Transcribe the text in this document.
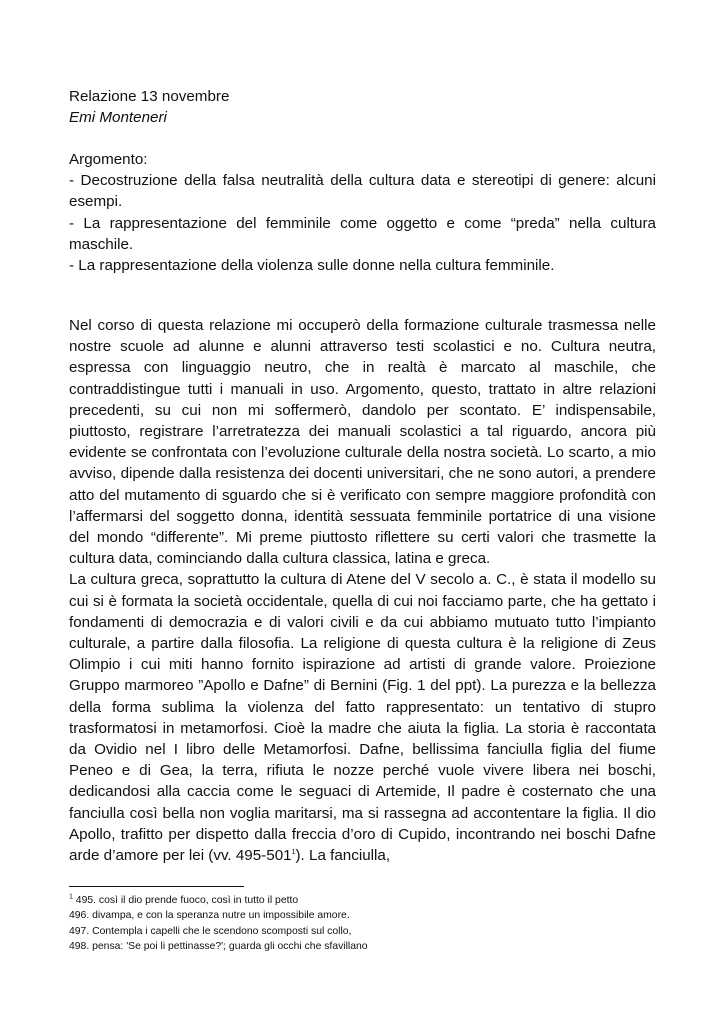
Relazione 13 novembre
Emi Monteneri
Argomento:
- Decostruzione della falsa neutralità della cultura data e stereotipi di genere: alcuni esempi.
- La rappresentazione del femminile come oggetto e come “preda” nella cultura maschile.
- La rappresentazione della violenza sulle donne nella cultura femminile.

Nel corso di questa relazione mi occuperò della formazione culturale trasmessa nelle nostre scuole ad alunne e alunni attraverso testi scolastici e no. Cultura neutra, espressa con linguaggio neutro, che in realtà è marcato al maschile, che contraddistingue tutti i manuali in uso. Argomento, questo, trattato in altre relazioni precedenti, su cui non mi soffermerò, dandolo per scontato. E’ indispensabile, piuttosto, registrare l’arretratezza dei manuali scolastici a tal riguardo, ancora più evidente se confrontata con l’evoluzione culturale della nostra società. Lo scarto, a mio avviso, dipende dalla resistenza dei docenti universitari, che ne sono autori, a prendere atto del mutamento di sguardo che si è verificato con sempre maggiore profondità con l’affermarsi del soggetto donna, identità sessuata femminile portatrice di una visione del mondo “differente”. Mi preme piuttosto riflettere su certi valori che trasmette la cultura data, cominciando dalla cultura classica, latina e greca.

La cultura greca, soprattutto la cultura di Atene del V secolo a. C., è stata il modello su cui si è formata la società occidentale, quella di cui noi facciamo parte, che ha gettato i fondamenti di democrazia e di valori civili e da cui abbiamo mutuato tutto l’impianto culturale, a partire dalla filosofia. La religione di questa cultura è la religione di Zeus Olimpio i cui miti hanno fornito ispirazione ad artisti di grande valore. Proiezione Gruppo marmoreo ”Apollo e Dafne” di Bernini (Fig. 1 del ppt). La purezza e la bellezza della forma sublima la violenza del fatto rappresentato: un tentativo di stupro trasformatosi in metamorfosi. Cioè la madre che aiuta la figlia. La storia è raccontata da Ovidio nel I libro delle Metamorfosi. Dafne, bellissima fanciulla figlia del fiume Peneo e di Gea, la terra, rifiuta le nozze perché vuole vivere libera nei boschi, dedicandosi alla caccia come le seguaci di Artemide, Il padre è costernato che una fanciulla così bella non voglia maritarsi, ma si rassegna ad accontentare la figlia. Il dio Apollo, trafitto per dispetto dalla freccia d’oro di Cupido, incontrando nei boschi Dafne arde d’amore per lei (vv. $495-501^1$). La fanciulla,

$^1$ 495. così il dio prende fuoco, così in tutto il petto
496. divampa, e con la speranza nutre un impossibile amore.
497. Contempla i capelli che le scendono scomposti sul collo,
498. pensa: 'Se poi li pettinasse?'; guarda gli occhi che sfavillano
